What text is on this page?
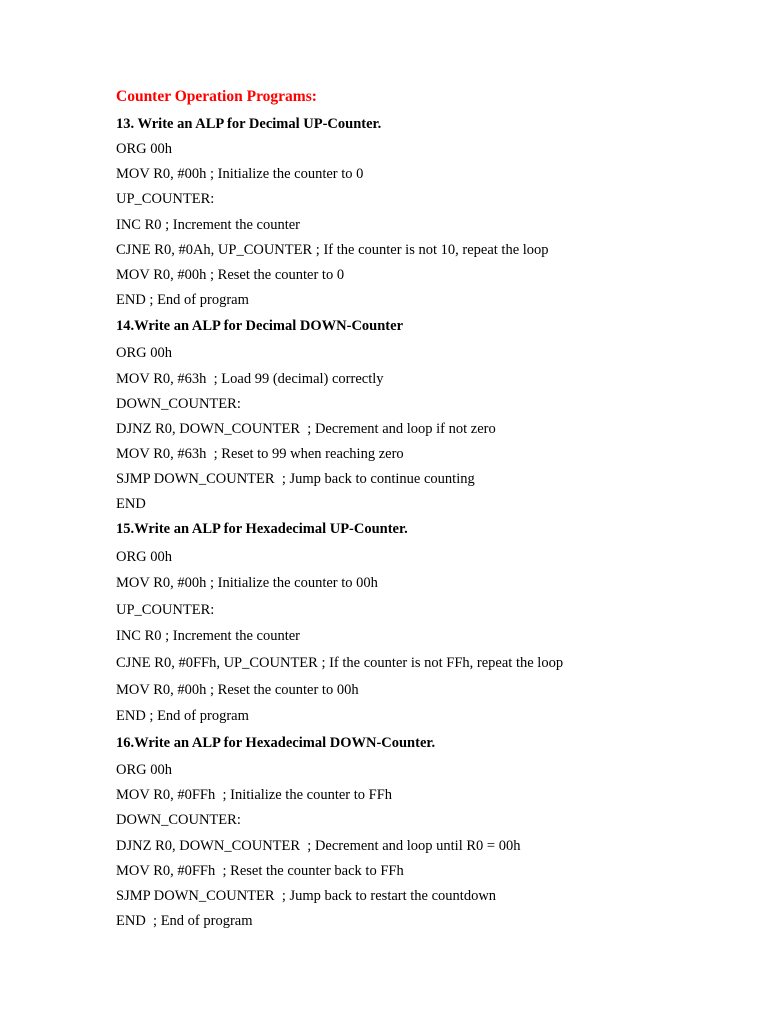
Counter Operation Programs:
13. Write an ALP for Decimal UP-Counter.
ORG 00h
MOV R0, #00h ; Initialize the counter to 0
UP_COUNTER:
INC R0 ; Increment the counter
CJNE R0, #0Ah, UP_COUNTER ; If the counter is not 10, repeat the loop
MOV R0, #00h ; Reset the counter to 0
END ; End of program
14.Write an ALP for Decimal DOWN-Counter
ORG 00h
MOV R0, #63h  ; Load 99 (decimal) correctly
DOWN_COUNTER:
DJNZ R0, DOWN_COUNTER  ; Decrement and loop if not zero
MOV R0, #63h  ; Reset to 99 when reaching zero
SJMP DOWN_COUNTER  ; Jump back to continue counting
END
15.Write an ALP for Hexadecimal UP-Counter.
ORG 00h
MOV R0, #00h ; Initialize the counter to 00h
UP_COUNTER:
INC R0 ; Increment the counter
CJNE R0, #0FFh, UP_COUNTER ; If the counter is not FFh, repeat the loop
MOV R0, #00h ; Reset the counter to 00h
END ; End of program
16.Write an ALP for Hexadecimal DOWN-Counter.
ORG 00h
MOV R0, #0FFh  ; Initialize the counter to FFh
DOWN_COUNTER:
DJNZ R0, DOWN_COUNTER  ; Decrement and loop until R0 = 00h
MOV R0, #0FFh  ; Reset the counter back to FFh
SJMP DOWN_COUNTER  ; Jump back to restart the countdown
END  ; End of program
